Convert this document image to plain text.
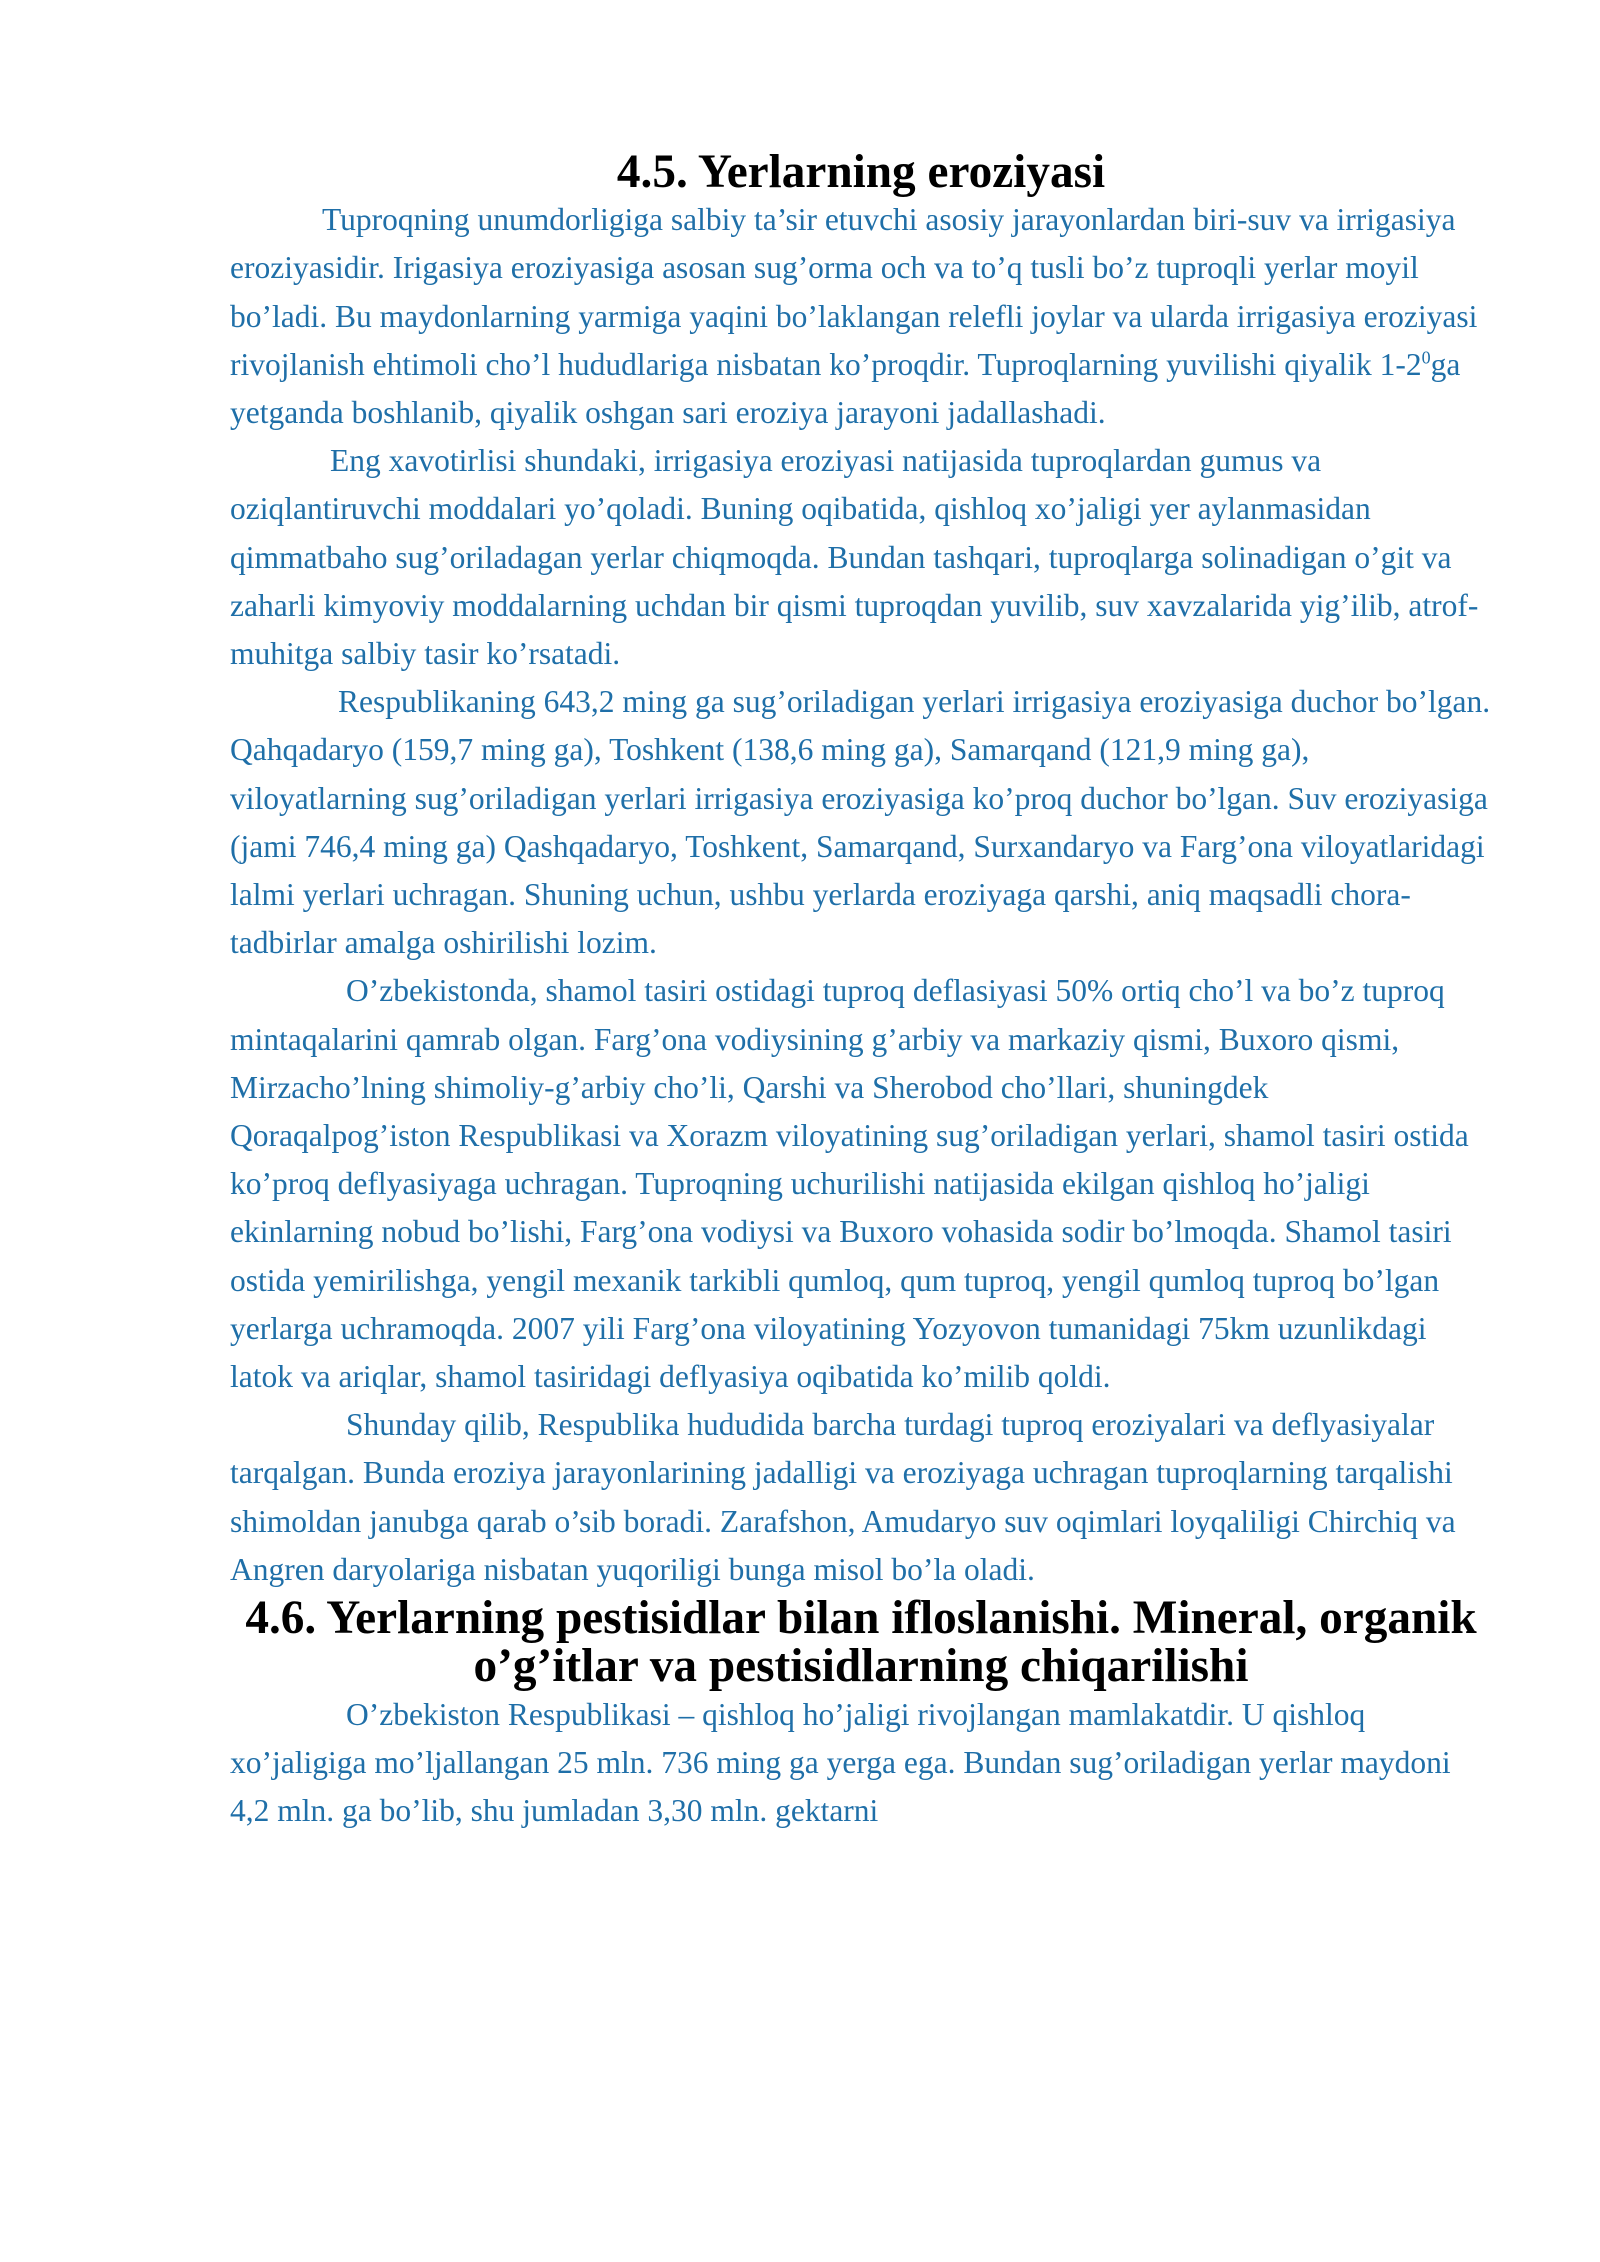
4.5. Yerlarning eroziyasi

Tuproqning unumdorligiga salbiy ta’sir etuvchi asosiy jarayonlardan biri-suv va irrigasiya eroziyasidir. Irigasiya eroziyasiga asosan sug’orma och va to’q tusli bo’z tuproqli yerlar moyil bo’ladi. Bu maydonlarning yarmiga yaqini bo’laklangan relefli joylar va ularda irrigasiya eroziyasi rivojlanish ehtimoli cho’l hududlariga nisbatan ko’proqdir. Tuproqlarning yuvilishi qiyalik $1-2^0ga$ yetganda boshlanib, qiyalik oshgan sari eroziya jarayoni jadallashadi.

Eng xavotirlisi shundaki, irrigasiya eroziyasi natijasida tuproqlardan gumus va oziqlantiruvchi moddalari yo’qoladi. Buning oqibatida, qishloq xo’jaligi yer aylanmasidan qimmatbaho sug’oriladagan yerlar chiqmoqda. Bundan tashqari, tuproqlarga solinadigan o’git va zaharli kimyoviy moddalarning uchdan bir qismi tuproqdan yuvilib, suv xavzalarida yig’ilib, atrof-muhitga salbiy tasir ko’rsatadi.

Respublikaning 643,2 ming ga sug’oriladigan yerlari irrigasiya eroziyasiga duchor bo’lgan. Qahqadaryo (159,7 ming ga), Toshkent (138,6 ming ga), Samarqand (121,9 ming ga), viloyatlarning sug’oriladigan yerlari irrigasiya eroziyasiga ko’proq duchor bo’lgan. Suv eroziyasiga (jami 746,4 ming ga) Qashqadaryo, Toshkent, Samarqand, Surxandaryo va Farg’ona viloyatlaridagi lalmi yerlari uchragan. Shuning uchun, ushbu yerlarda eroziyaga qarshi, aniq maqsadli chora-tadbirlar amalga oshirilishi lozim.

O’zbekistonda, shamol tasiri ostidagi tuproq deflasiyasi 50% ortiq cho’l va bo’z tuproq mintaqalarini qamrab olgan. Farg’ona vodiysining g’arbiy va markaziy qismi, Buxoro qismi, Mirzacho’lning shimoliy-g’arbiy cho’li, Qarshi va Sherobod cho’llari, shuningdek Qoraqalpog’iston Respublikasi va Xorazm viloyatining sug’oriladigan yerlari, shamol tasiri ostida ko’proq deflyasiyaga uchragan. Tuproqning uchurilishi natijasida ekilgan qishloq ho’jaligi ekinlarning nobud bo’lishi, Farg’ona vodiysi va Buxoro vohasida sodir bo’lmoqda. Shamol tasiri ostida yemirilishga, yengil mexanik tarkibli qumloq, qum tuproq, yengil qumloq tuproq bo’lgan yerlarga uchramoqda. 2007 yili Farg’ona viloyatining Yozyovon tumanidagi 75km uzunlikdagi latok va ariqlar, shamol tasiridagi deflyasiya oqibatida ko’milib qoldi.

Shunday qilib, Respublika hududida barcha turdagi tuproq eroziyalari va deflyasiyalar tarqalgan. Bunda eroziya jarayonlarining jadalligi va eroziyaga uchragan tuproqlarning tarqalishi shimoldan janubga qarab o’sib boradi. Zarafshon, Amudaryo suv oqimlari loyqaliligi Chirchiq va Angren daryolariga nisbatan yuqoriligi bunga misol bo’la oladi.

4.6. Yerlarning pestisidlar bilan ifloslanishi. Mineral, organik o’g’itlar va pestisidlarning chiqarilishi

O’zbekiston Respublikasi – qishloq ho’jaligi rivojlangan mamlakatdir. U qishloq xo’jaligiga mo’ljallangan 25 mln. 736 ming ga yerga ega. Bundan sug’oriladigan yerlar maydoni 4,2 mln. ga bo’lib, shu jumladan 3,30 mln. gektarni
